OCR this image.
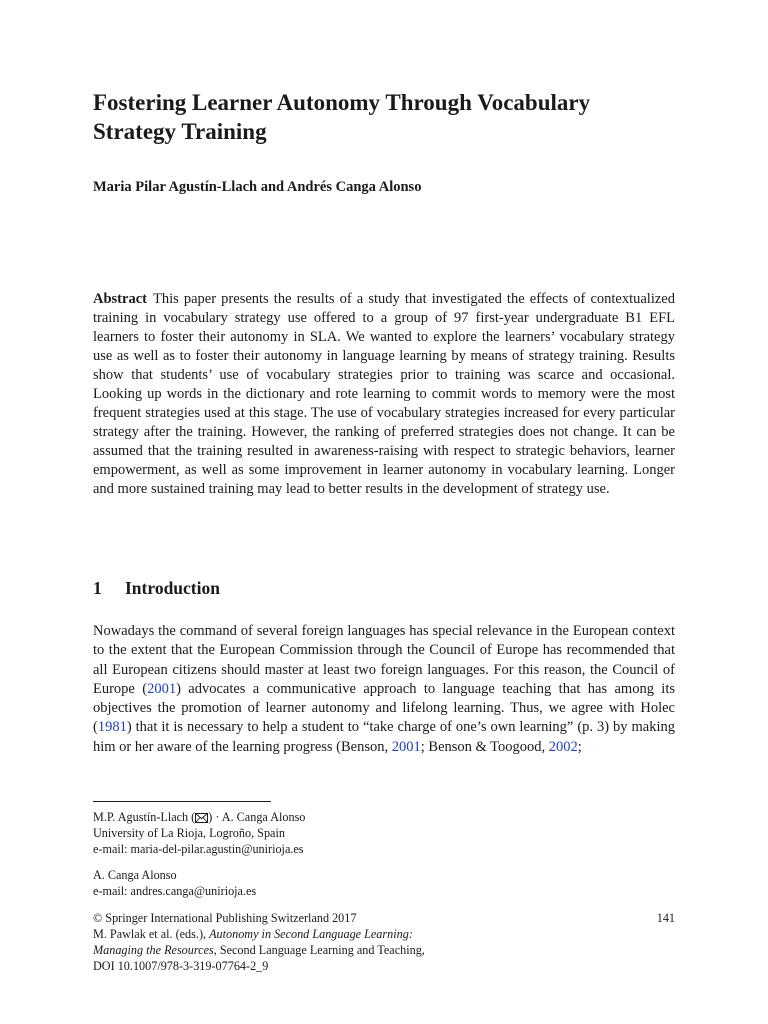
Fostering Learner Autonomy Through Vocabulary Strategy Training

Maria Pilar Agustín-Llach and Andrés Canga Alonso

Abstract This paper presents the results of a study that investigated the effects of contextualized training in vocabulary strategy use offered to a group of 97 first-year undergraduate B1 EFL learners to foster their autonomy in SLA. We wanted to explore the learners’ vocabulary strategy use as well as to foster their autonomy in language learning by means of strategy training. Results show that students’ use of vocabulary strategies prior to training was scarce and occasional. Looking up words in the dictionary and rote learning to commit words to memory were the most frequent strategies used at this stage. The use of vocabulary strategies increased for every particular strategy after the training. However, the ranking of preferred strategies does not change. It can be assumed that the training resulted in awareness-raising with respect to strategic behaviors, learner empowerment, as well as some improvement in learner autonomy in vocabulary learning. Longer and more sustained training may lead to better results in the development of strategy use.

1 Introduction

Nowadays the command of several foreign languages has special relevance in the European context to the extent that the European Commission through the Council of Europe has recommended that all European citizens should master at least two foreign languages. For this reason, the Council of Europe (2001) advocates a communicative approach to language teaching that has among its objectives the promotion of learner autonomy and lifelong learning. Thus, we agree with Holec (1981) that it is necessary to help a student to “take charge of one’s own learning” (p. 3) by making him or her aware of the learning progress (Benson, 2001; Benson & Toogood, 2002;

M.P. Agustín-Llach ( ) · A. Canga Alonso
University of La Rioja, Logroño, Spain
e-mail: maria-del-pilar.agustin@unirioja.es
A. Canga Alonso
e-mail: andres.canga@unirioja.es
141
© Springer International Publishing Switzerland 2017
M. Pawlak et al. (eds.), Autonomy in Second Language Learning:
Managing the Resources, Second Language Learning and Teaching,
DOI 10.1007/978-3-319-07764-2_9
